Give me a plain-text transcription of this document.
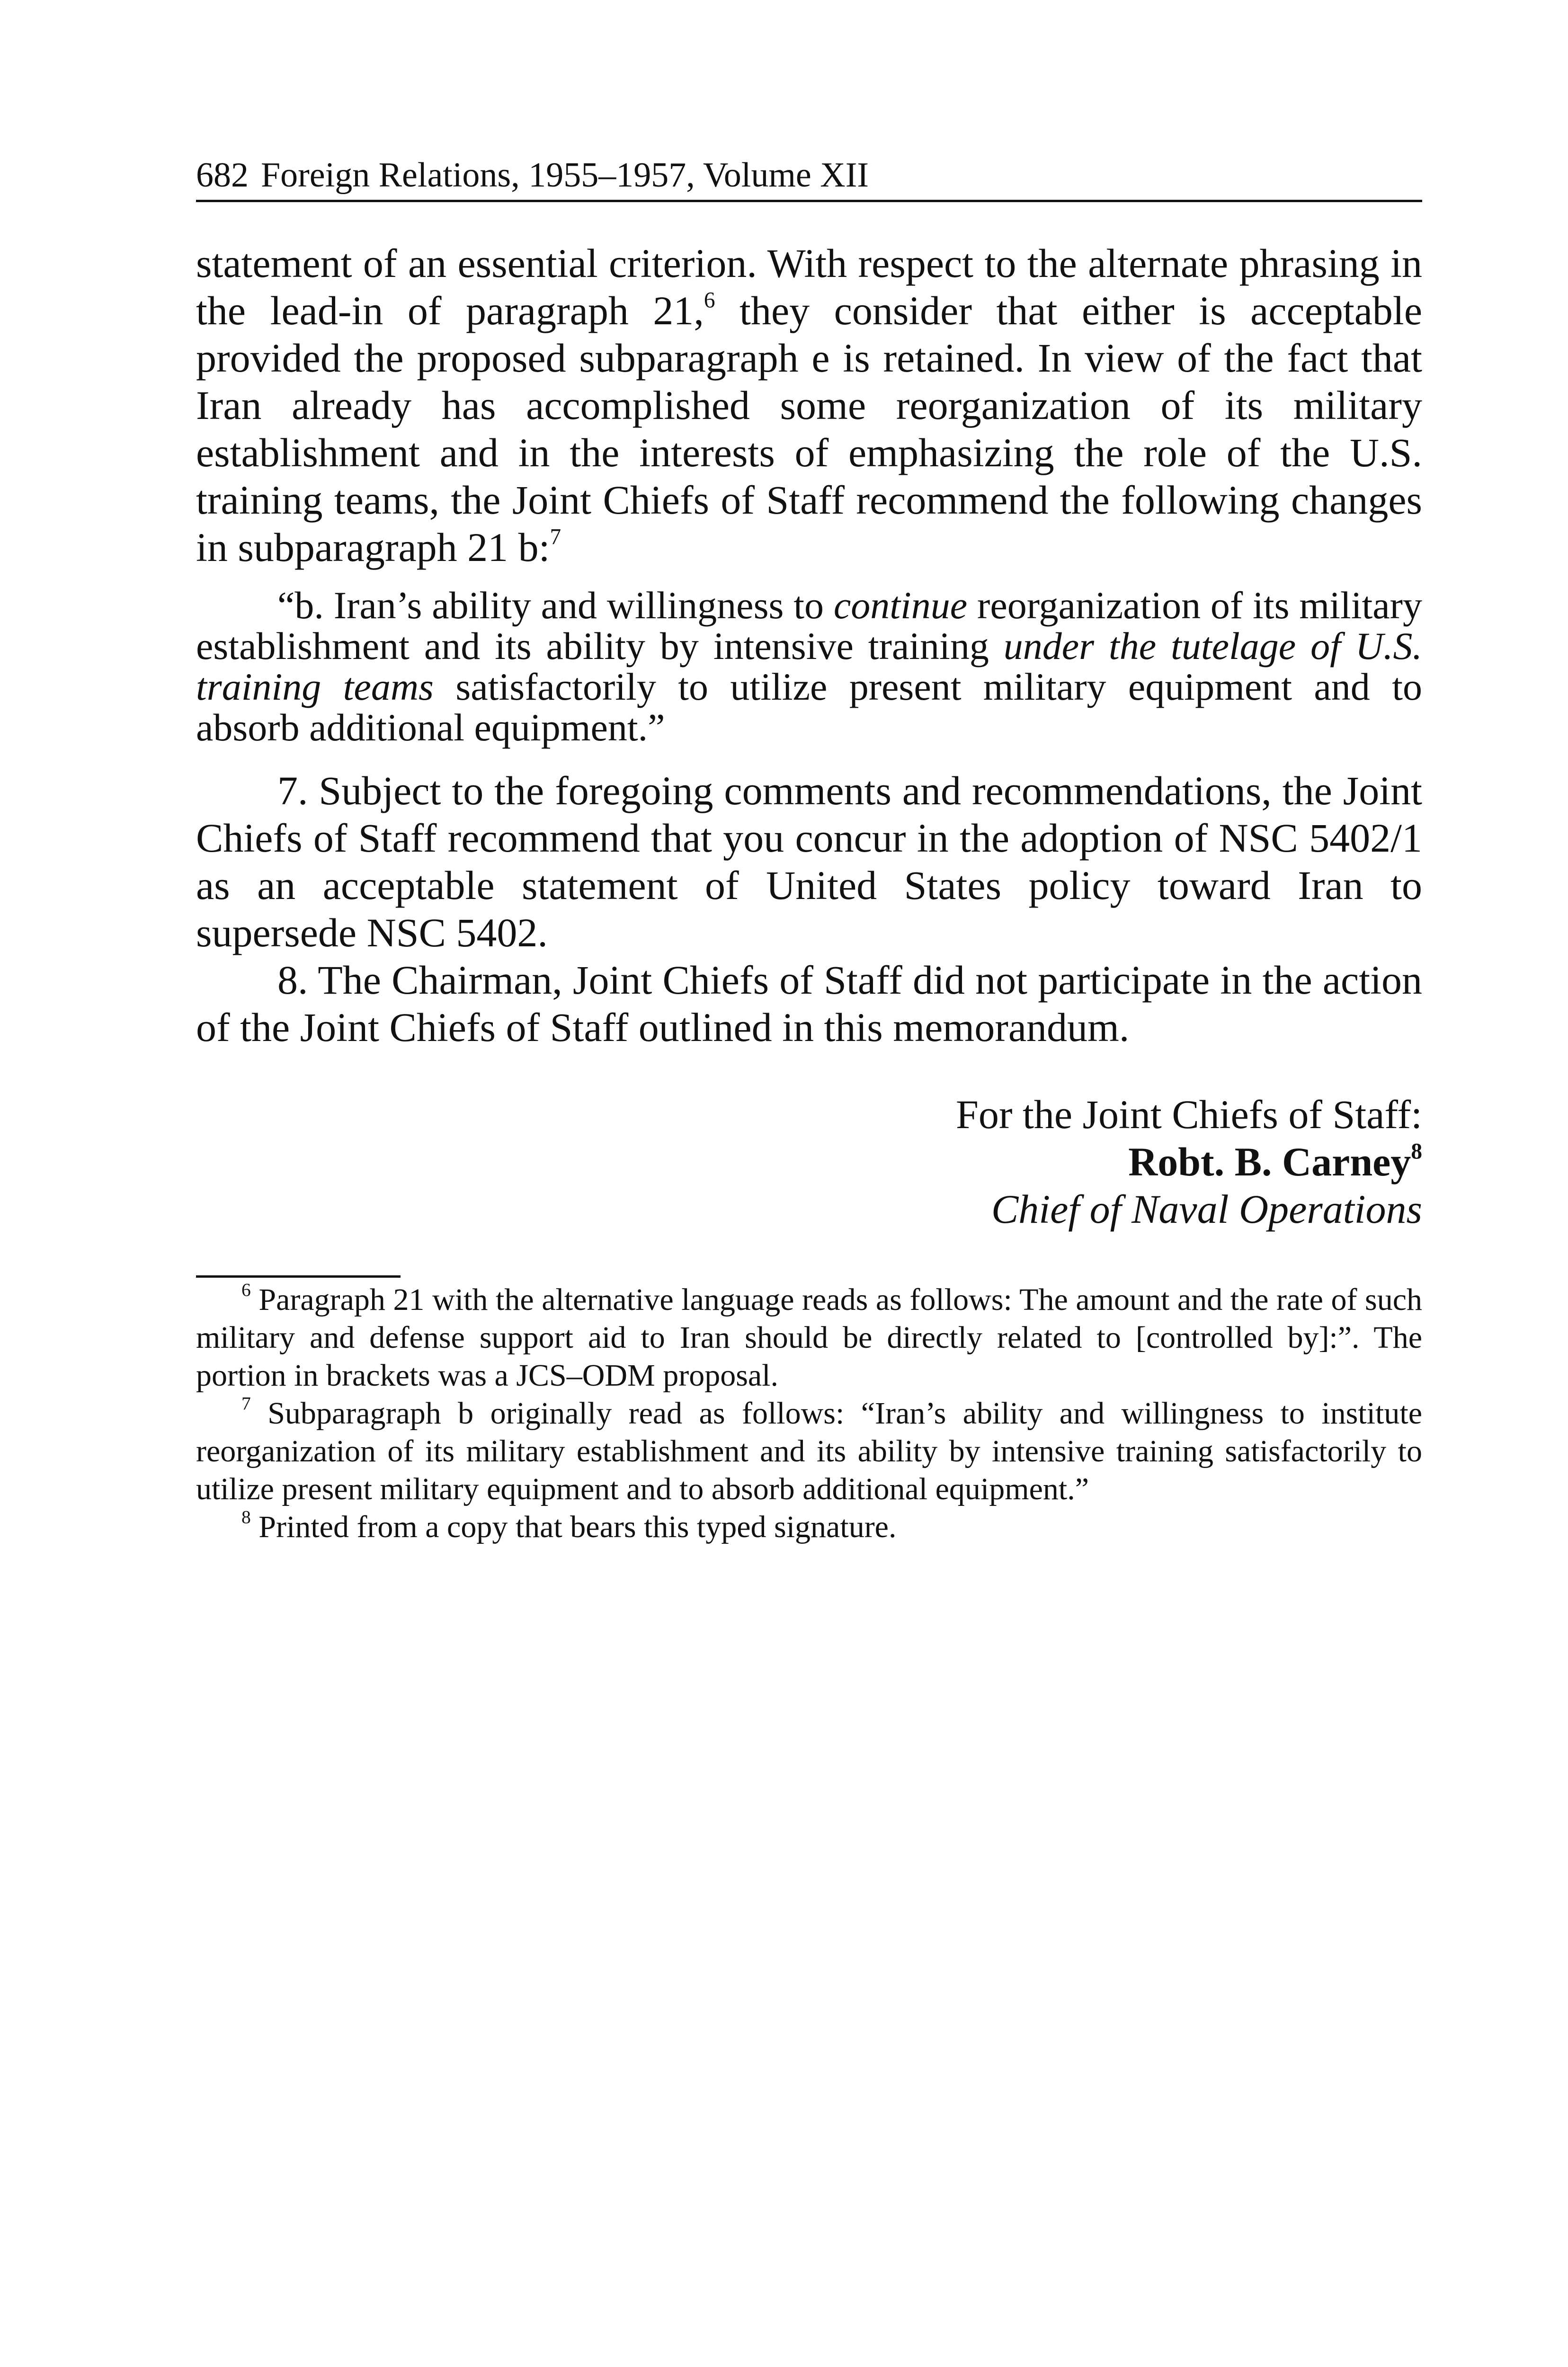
682 Foreign Relations, 1955–1957, Volume XII

statement of an essential criterion. With respect to the alternate phrasing in the lead-in of paragraph 21,$^6$ they consider that either is acceptable provided the proposed subparagraph e is retained. In view of the fact that Iran already has accomplished some reorganization of its military establishment and in the interests of emphasizing the role of the U.S. training teams, the Joint Chiefs of Staff recommend the following changes in subparagraph 21 b:$^7$

“b. Iran’s ability and willingness to continue reorganization of its military establishment and its ability by intensive training under the tutelage of U.S. training teams satisfactorily to utilize present military equipment and to absorb additional equipment.”

7. Subject to the foregoing comments and recommendations, the Joint Chiefs of Staff recommend that you concur in the adoption of NSC 5402/1 as an acceptable statement of United States policy toward Iran to supersede NSC 5402.

8. The Chairman, Joint Chiefs of Staff did not participate in the action of the Joint Chiefs of Staff outlined in this memorandum.

For the Joint Chiefs of Staff:
Robt. B. Carney$^8$
Chief of Naval Operations

$^6$ Paragraph 21 with the alternative language reads as follows: The amount and the rate of such military and defense support aid to Iran should be directly related to [controlled by]:”. The portion in brackets was a JCS–ODM proposal.

$^7$ Subparagraph b originally read as follows: “Iran’s ability and willingness to institute reorganization of its military establishment and its ability by intensive training satisfactorily to utilize present military equipment and to absorb additional equipment.”

$^8$ Printed from a copy that bears this typed signature.
